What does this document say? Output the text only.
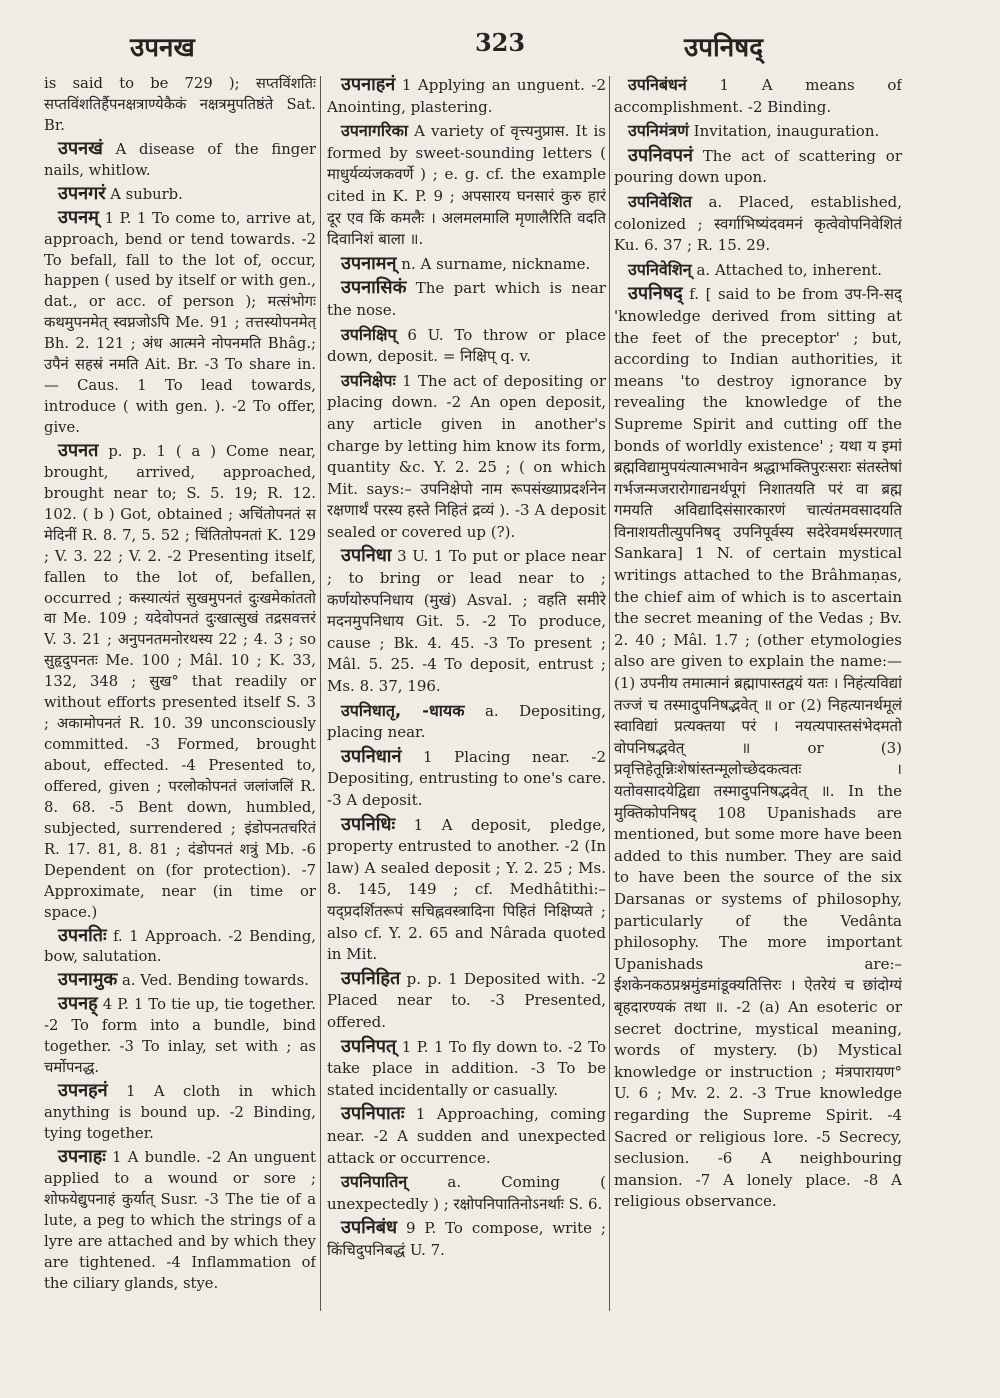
उपनख	323	उपनिषद्

is said to be 729 ); सप्तविंशतिः सप्तविंशतिर्हैपनक्षत्राण्येकैकं नक्षत्रमुपतिष्ठंते Sat. Br.

उपनखं A disease of the finger nails, whitlow.

उपनगरं A suburb.

उपनम् 1 P. 1 To come to, arrive at, approach, bend or tend towards. -2 To befall, fall to the lot of, occur, happen ( used by itself or with gen., dat., or acc. of person ); मत्संभोगः कथमुपनमेत् स्वप्नजोऽपि Me. 91 ; तत्तस्योपनमेत् Bh. 2. 121 ; अंध आत्मने नोपनमति Bhâg.; उपैनं सहस्रं नमति Ait. Br. -3 To share in. — Caus. 1 To lead towards, introduce ( with gen. ). -2 To offer, give.

उपनत p. p. 1 ( a ) Come near, brought, arrived, approached, brought near to; S. 5. 19; R. 12. 102. ( b ) Got, obtained ; अचिंतोपनतं स मेदिनीं R. 8. 7, 5. 52 ; चिंतितोपनतां K. 129 ; V. 3. 22 ; V. 2. -2 Presenting itself, fallen to the lot of, befallen, occurred ; कस्यात्यंतं सुखमुपनतं दुःखमेकांततो वा Me. 109 ; यदेवोपनतं दुःखात्सुखं तद्रसवत्तरं V. 3. 21 ; अनुपनतमनोरथस्य 22 ; 4. 3 ; so सुहृदुपनतः Me. 100 ; Mâl. 10 ; K. 33, 132, 348 ; सुख° that readily or without efforts presented itself S. 3 ; अकामोपनतं R. 10. 39 unconsciously committed. -3 Formed, brought about, effected. -4 Presented to, offered, given ; परलोकोपनतं जलांजलिं R. 8. 68. -5 Bent down, humbled, subjected, surrendered ; इंडोपनतचरितं R. 17. 81, 8. 81 ; दंडोपनतं शत्रुं Mb. -6 Dependent on (for protection). -7 Approximate, near (in time or space.)

उपनतिः f. 1 Approach. -2 Bending, bow, salutation.

उपनामुक a. Ved. Bending towards.

उपनह् 4 P. 1 To tie up, tie together. -2 To form into a bundle, bind together. -3 To inlay, set with ; as चर्मोपनद्ध.

उपनहनं 1 A cloth in which anything is bound up. -2 Binding, tying together.

उपनाहः 1 A bundle. -2 An unguent applied to a wound or sore ; शोफयेद्युपनाहं कुर्यात् Susr. -3 The tie of a lute, a peg to which the strings of a lyre are attached and by which they are tightened. -4 Inflammation of the ciliary glands, stye.

उपनाहनं 1 Applying an unguent. -2 Anointing, plastering.

उपनागरिका A variety of वृत्त्यनुप्रास. It is formed by sweet-sounding letters ( माधुर्यव्यंजकवर्णे ) ; e. g. cf. the example cited in K. P. 9 ; अपसारय घनसारं कुरु हारं दूर एव किं कमलैः । अलमलमालि मृणालैरिति वदति दिवानिशं बाला ॥.

उपनामन् n. A surname, nickname.

उपनासिकं The part which is near the nose.

उपनिक्षिप् 6 U. To throw or place down, deposit. = निक्षिप् q. v.

उपनिक्षेपः 1 The act of depositing or placing down. -2 An open deposit, any article given in another's charge by letting him know its form, quantity &c. Y. 2. 25 ; ( on which Mit. says:– उपनिक्षेपो नाम रूपसंख्याप्रदर्शनेन रक्षणार्थं परस्य हस्ते निहितं द्रव्यं ). -3 A deposit sealed or covered up (?).

उपनिधा 3 U. 1 To put or place near ; to bring or lead near to ; कर्णयोरुपनिधाय (मुखं) Asval. ; वहति समीरे मदनमुपनिधाय Git. 5. -2 To produce, cause ; Bk. 4. 45. -3 To present ; Mâl. 5. 25. -4 To deposit, entrust ; Ms. 8. 37, 196.

उपनिधातृ, -धायक a. Depositing, placing near.

उपनिधानं 1 Placing near. -2 Depositing, entrusting to one's care. -3 A deposit.

उपनिधिः 1 A deposit, pledge, property entrusted to another. -2 (In law) A sealed deposit ; Y. 2. 25 ; Ms. 8. 145, 149 ; cf. Medhâtithi:– यद्प्रदर्शितरूपं सचिह्नवस्त्रादिना पिहितं निक्षिप्यते ; also cf. Y. 2. 65 and Nârada quoted in Mit.

उपनिहित p. p. 1 Deposited with. -2 Placed near to. -3 Presented, offered.

उपनिपत् 1 P. 1 To fly down to. -2 To take place in addition. -3 To be stated incidentally or casually.

उपनिपातः 1 Approaching, coming near. -2 A sudden and unexpected attack or occurrence.

उपनिपातिन्	a. Coming ( unexpectedly ) ; रक्षोपनिपातिनोऽनर्थाः S. 6.

उपनिबंध 9 P. To compose, write ; किंचिदुपनिबद्धं U. 7.

उपनिबंधनं 1 A means of accomplishment. -2 Binding.

उपनिमंत्रणं Invitation, inauguration.

उपनिवपनं The act of scattering or pouring down upon.

उपनिवेशित a. Placed, established, colonized ; स्वर्गाभिष्यंदवमनं कृत्वेवोपनिवेशितं Ku. 6. 37 ; R. 15. 29.

उपनिवेशिन् a. Attached to, inherent.

उपनिषद् f. [ said to be from उप-नि-सद् 'knowledge derived from sitting at the feet of the preceptor' ; but, according to Indian authorities, it means 'to destroy ignorance by revealing the knowledge of the Supreme Spirit and cutting off the bonds of worldly existence' ; यथा य इमां ब्रह्मविद्यामुपयंत्यात्मभावेन श्रद्धाभक्तिपुरःसराः संतस्तेषां गर्भजन्मजरारोगाद्यनर्थपूगं निशातयति परं वा ब्रह्म गमयति अविद्यादिसंसारकारणं चात्यंतमवसादयति विनाशयतीत्युपनिषद् उपनिपूर्वस्य सदेरेवमर्थस्मरणात् Sankara] 1 N. of certain mystical writings attached to the Brâhmaṇas, the chief aim of which is to ascertain the secret meaning of the Vedas ; Bv. 2. 40 ; Mâl. 1.7 ; (other etymologies also are given to explain the name:— (1) उपनीय तमात्मानं ब्रह्मापास्तद्वयं यतः । निहंत्यविद्यां तज्जं च तस्मादुपनिषद्भवेत् ॥ or (2) निहत्यानर्थमूलं स्वाविद्यां प्रत्यक्तया परं । नयत्यपास्तसंभेदमतो वोपनिषद्भवेत् ॥ or (3) प्रवृत्तिहेतून्निःशेषांस्तन्मूलोच्छेदकत्वतः । यतोवसादयेद्विद्या तस्मादुपनिषद्भवेत् ॥. In the मुक्तिकोपनिषद् 108 Upanishads are mentioned, but some more have been added to this number. They are said to have been the source of the six Darsanas or systems of philosophy, particularly of the Vedânta philosophy. The more important Upanishads are:– ईशकेनकठप्रश्नमुंडमांडूक्यतित्तिरः । ऐतरेयं च छांदोग्यं बृहदारण्यकं तथा ॥. -2 (a) An esoteric or secret doctrine, mystical meaning, words of mystery. (b) Mystical knowledge or instruction ; मंत्रपारायण° U. 6 ; Mv. 2. 2. -3 True knowledge regarding the Supreme Spirit. -4 Sacred or religious lore. -5 Secrecy, seclusion. -6 A neighbouring mansion. -7 A lonely place. -8 A religious observance.
